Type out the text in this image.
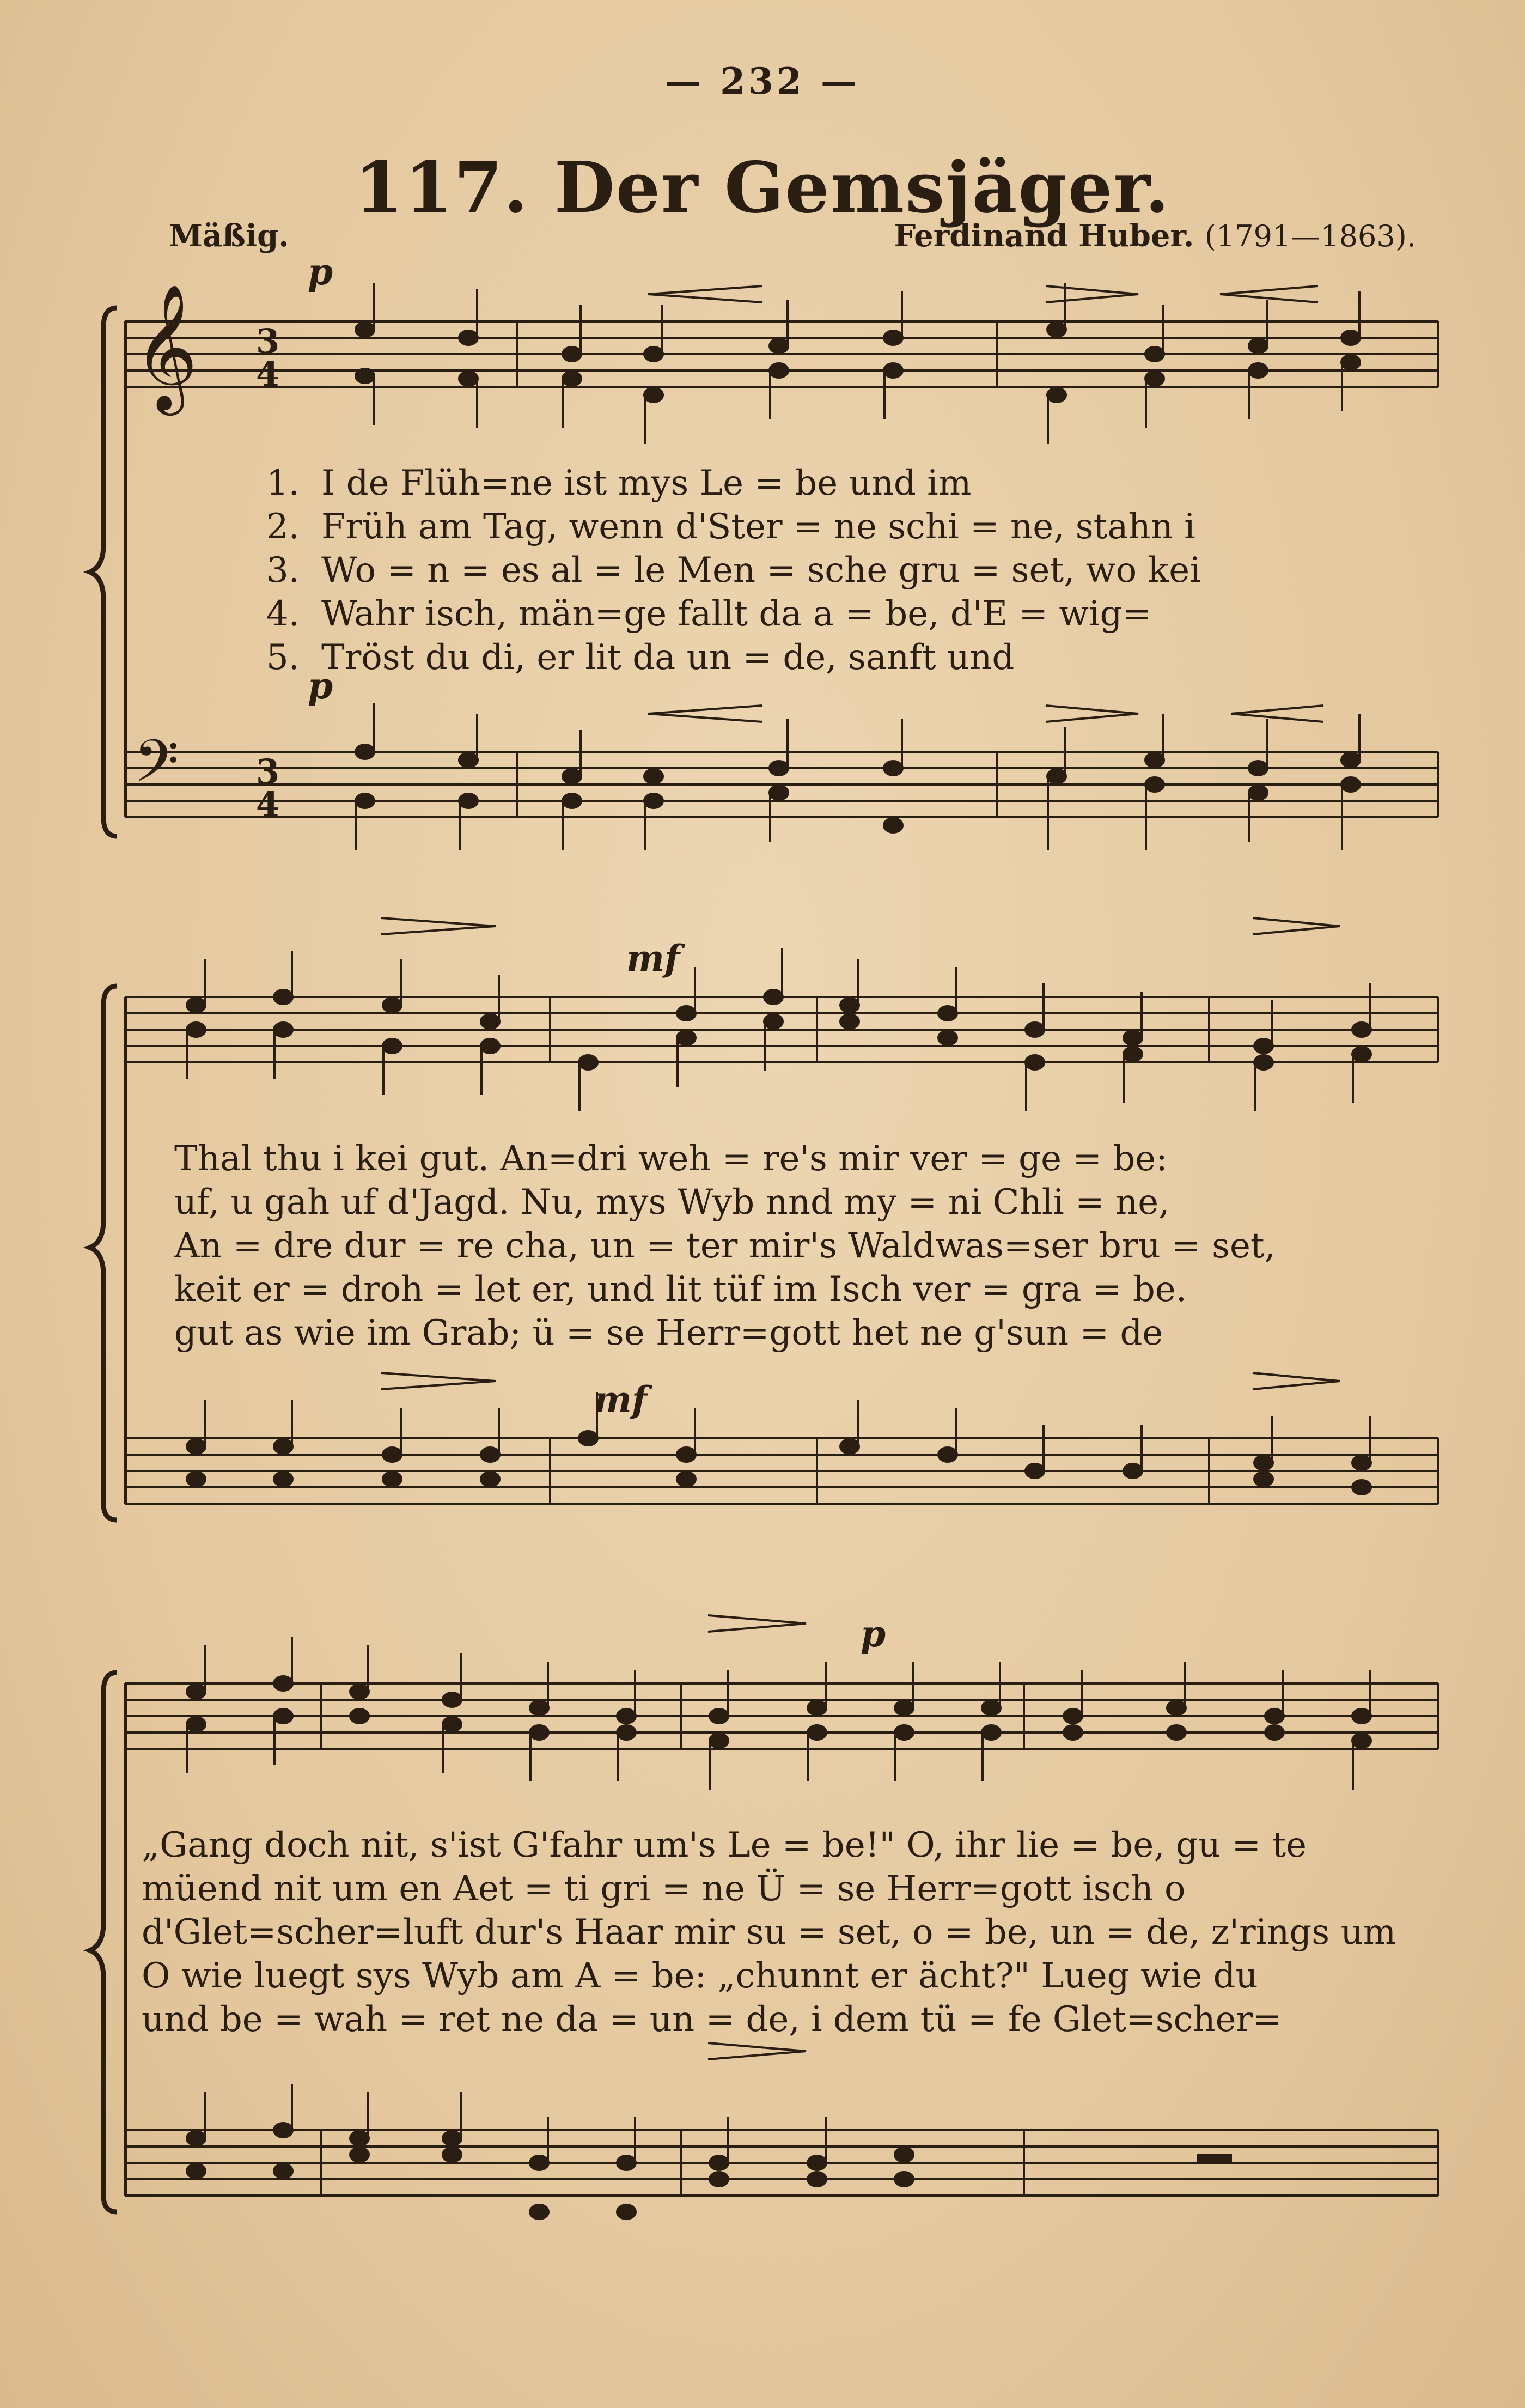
— 232 —
117. Der Gemsjäger.
Mäßig.	Ferdinand Huber. (1791—1863).
𝄞
𝄢
3
4
3
4
p
p
1. I de Flüh=ne ist mys Le = be und im
2. Früh am Tag, wenn d'Ster = ne schi = ne, stahn i
3. Wo = n = es al = le Men = sche gru = set, wo kei
4. Wahr isch, män=ge fallt da a = be, d'E = wig=
5. Tröst du di, er lit da un = de, sanft und
mf
mf
Thal thu i kei gut. An=dri weh = re's mir ver = ge = be:
uf, u gah uf d'Jagd. Nu, mys Wyb nnd my = ni Chli = ne,
An = dre dur = re cha, un = ter mir's Waldwas=ser bru = set,
keit er = droh = let er, und lit tüf im Isch ver = gra = be.
gut as wie im Grab; ü = se Herr=gott het ne g'sun = de
p
„Gang doch nit, s'ist G'fahr um's Le = be!" O, ihr lie = be, gu = te
müend nit um en Aet = ti gri = ne Ü = se Herr=gott isch o
d'Glet=scher=luft dur's Haar mir su = set, o = be, un = de, z'rings um
O wie luegt sys Wyb am A = be: „chunnt er ächt?" Lueg wie du
und be = wah = ret ne da = un = de, i dem tü = fe Glet=scher=
